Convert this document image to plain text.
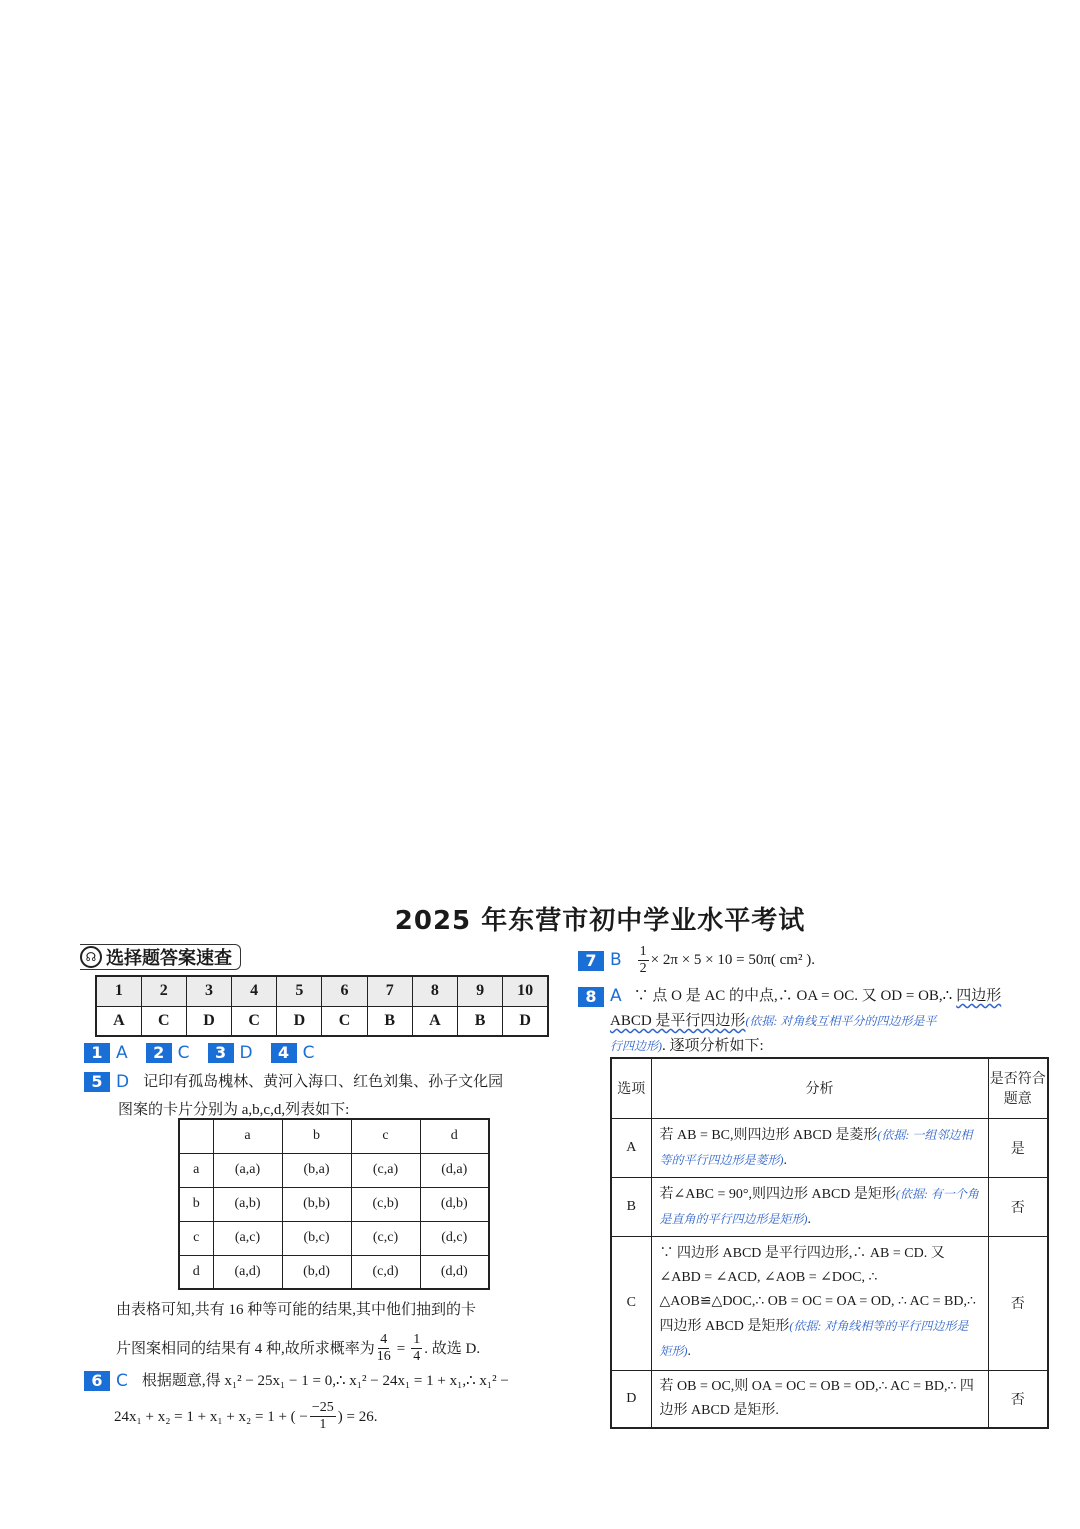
2025 年东营市初中学业水平考试
☊ 选择题答案速查
1	2	3	4	5	6	7	8	9	10
A	C	D	C	D	C	B	A	B	D
1 A	2 C	3 D	4 C
5 D 记印有孤岛槐林、黄河入海口、红色刘集、孙子文化园
图案的卡片分别为 a,b,c,d,列表如下:
	a	b	c	d
a	(a,a)	(b,a)	(c,a)	(d,a)
b	(a,b)	(b,b)	(c,b)	(d,b)
c	(a,c)	(b,c)	(c,c)	(d,c)
d	(a,d)	(b,d)	(c,d)	(d,d)
由表格可知,共有 16 种等可能的结果,其中他们抽到的卡
片图案相同的结果有 4 种,故所求概率为 $\frac{4}{16} = \frac{1}{4}$ . 故选 D.
6 C 根据题意,得 x₁² − 25x₁ − 1 = 0,∴ x₁² − 24x₁ = 1 + x₁,∴ x₁² −
24x₁ + x₂ = 1 + x₁ + x₂ = 1 + ( − $\frac{-25}{1}$ ) = 26.
7 B $\frac{1}{2} \times 2\pi \times 5 \times 10 = 50\pi$( cm² ).
8 A ∵ 点 O 是 AC 的中点,∴ OA = OC. 又 OD = OB,∴ 四边形
ABCD 是平行四边形(依据: 对角线互相平分的四边形是平
行四边形). 逐项分析如下:
选项	分析	是否符合题意
A	若 AB = BC,则四边形 ABCD 是菱形(依据: 一组邻边相等的平行四边形是菱形).	是
B	若∠ABC = 90°,则四边形 ABCD 是矩形(依据: 有一个角是直角的平行四边形是矩形).	否
C	∵ 四边形 ABCD 是平行四边形,∴ AB = CD. 又 ∠ABD = ∠ACD, ∠AOB = ∠DOC, ∴ △AOB≌△DOC,∴ OB = OC = OA = OD, ∴ AC = BD,∴ 四边形 ABCD 是矩形(依据: 对角线相等的平行四边形是矩形).	否
D	若 OB = OC,则 OA = OC = OB = OD,∴ AC = BD,∴ 四边形 ABCD 是矩形.	否
